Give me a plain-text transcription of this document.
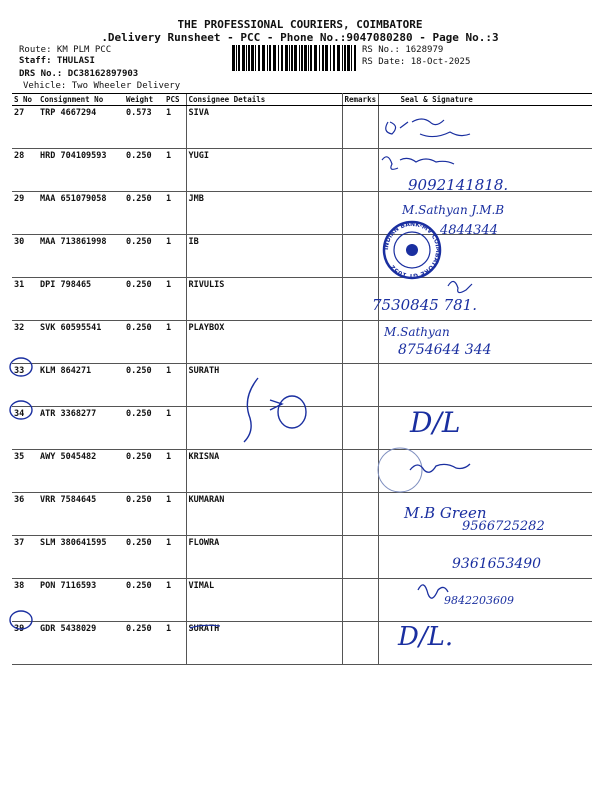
THE PROFESSIONAL COURIERS, COIMBATORE
.Delivery Runsheet - PCC - Phone No.:9047080280 - Page No.:3
Route: KM PLM PCC
Staff: THULASI
DRS No.: DC38162897903
Vehicle: Two Wheeler Delivery
RS No.: 1628979
RS Date: 18-Oct-2025
S No	Consignment No	Weight	PCS	Consignee Details	Remarks	Seal & Signature
27	TRP 4667294	0.573	1	SIVA		
28	HRD 704109593	0.250	1	YUGI		
29	MAA 651079058	0.250	1	JMB		
30	MAA 713861998	0.250	1	IB		
31	DPI 798465	0.250	1	RIVULIS		
32	SVK 60595541	0.250	1	PLAYBOX		
33	KLM 864271	0.250	1	SURATH		
34	ATR 3368277	0.250	1			
35	AWY 5045482	0.250	1	KRISNA		
36	VRR 7584645	0.250	1	KUMARAN		
37	SLM 380641595	0.250	1	FLOWRA		
38	PON 7116593	0.250	1	VIMAL		
39	GDR 5438029	0.250	1	SURATH		
9092141818.
M.Sathyan J.M.B
4844344
INDIAN BANK-MV COIMBATORE GT 1052
7530845 781.
M.Sathyan
8754644 344
D/L
M.B Green
9566725282
9361653490
9842203609
D/L.
